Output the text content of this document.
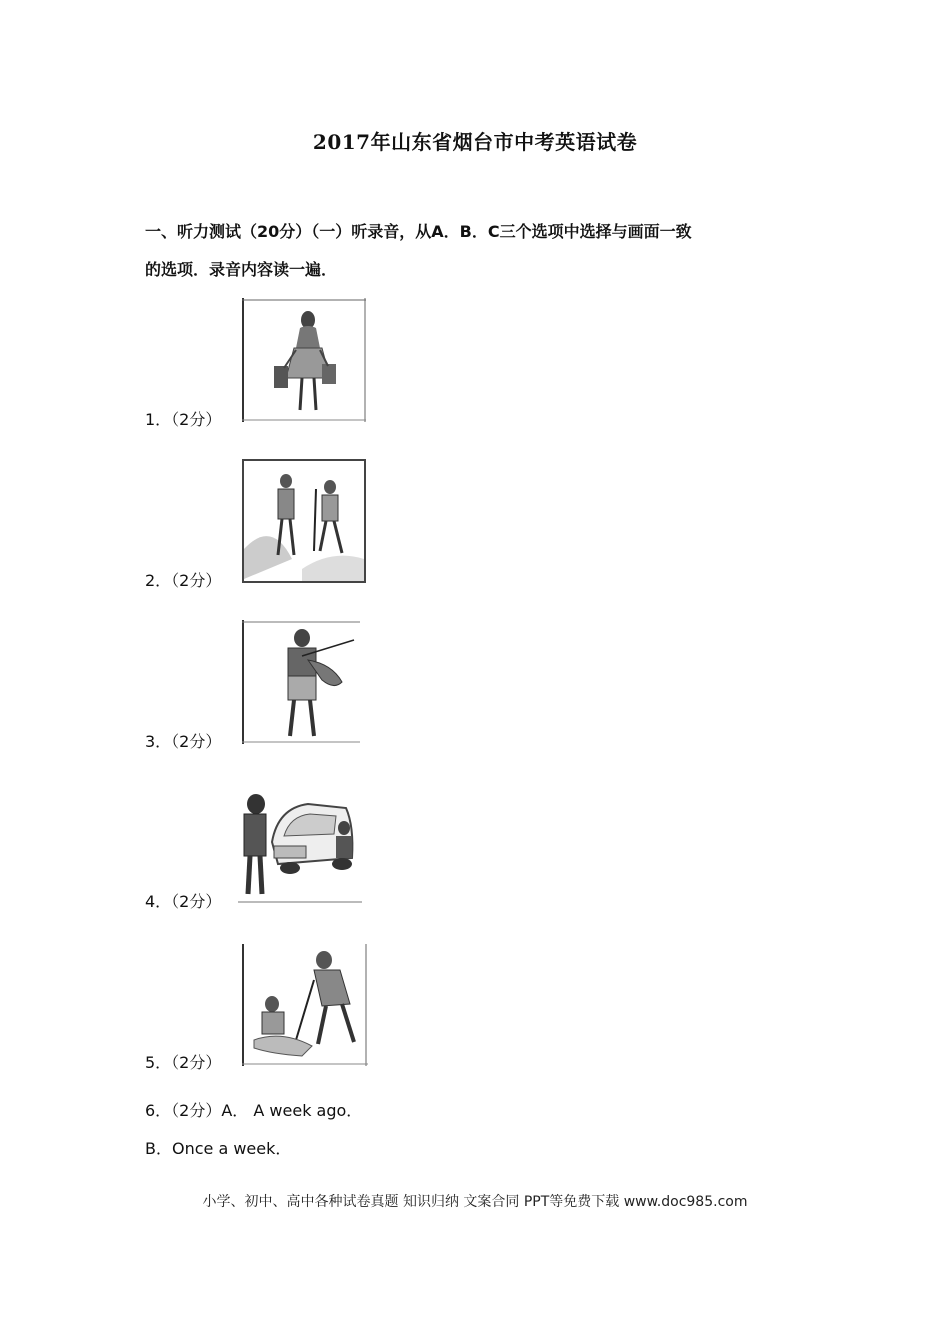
2017年山东省烟台市中考英语试卷
一、听力测试（20分）（一）听录音，从A．B．C三个选项中选择与画面一致
的选项．录音内容读一遍．
1．（2分）
2．（2分）
3．（2分）
4．（2分）
5．（2分）
6．（2分）A． A week ago．
B．Once a week．
小学、初中、高中各种试卷真题 知识归纳 文案合同 PPT等免费下载 www.doc985.com
